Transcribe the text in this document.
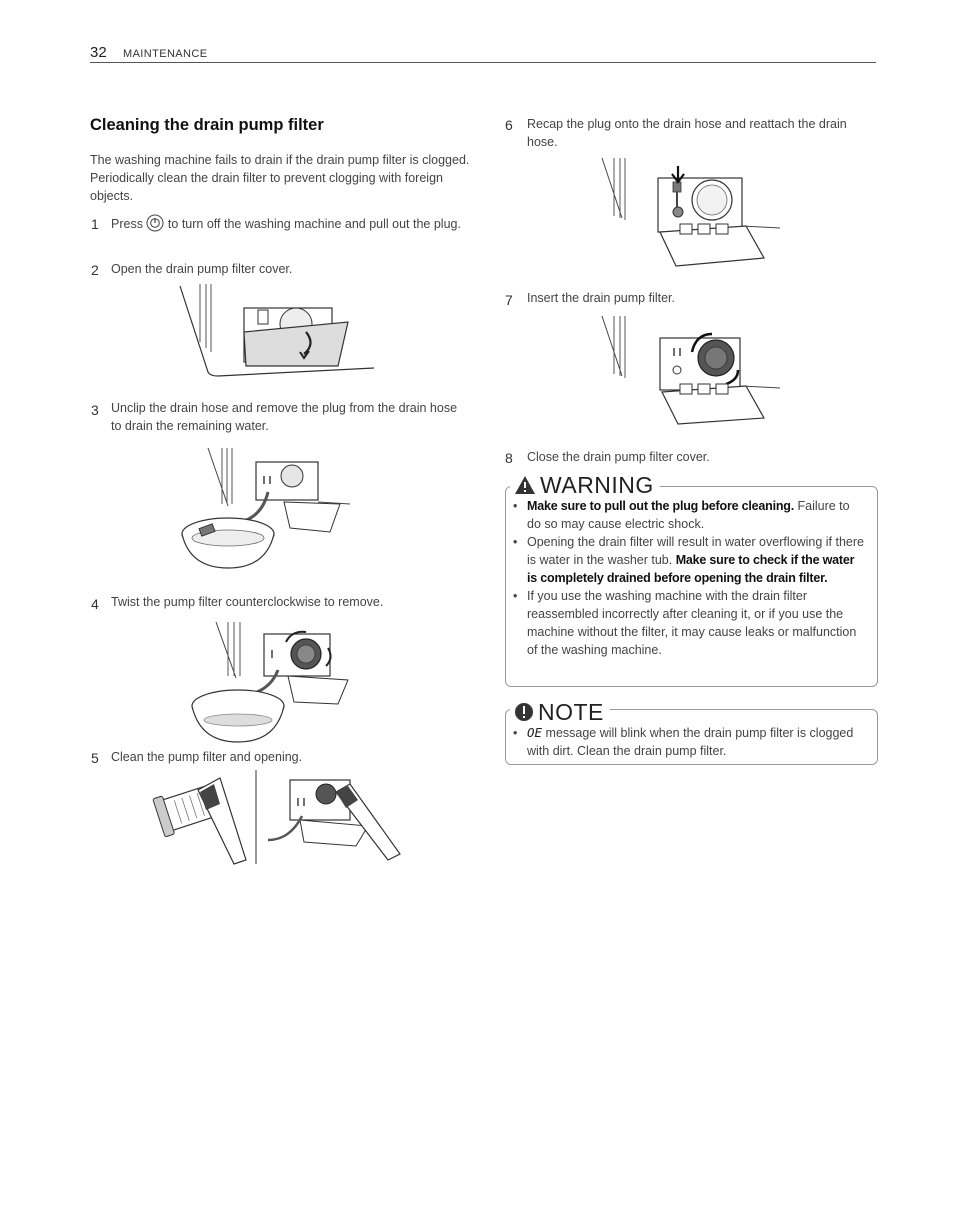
32 MAINTENANCE
Cleaning the drain pump filter
The washing machine fails to drain if the drain pump filter is clogged. Periodically clean the drain filter to prevent clogging with foreign objects.
1 Press to turn off the washing machine and pull out the plug.
2 Open the drain pump filter cover.
3 Unclip the drain hose and remove the plug from the drain hose to drain the remaining water.
4 Twist the pump filter counterclockwise to remove.
5 Clean the pump filter and opening.
6 Recap the plug onto the drain hose and reattach the drain hose.
7 Insert the drain pump filter.
8 Close the drain pump filter cover.
WARNING
• Make sure to pull out the plug before cleaning. Failure to do so may cause electric shock.
• Opening the drain filter will result in water overflowing if there is water in the washer tub. Make sure to check if the water is completely drained before opening the drain filter.
• If you use the washing machine with the drain filter reassembled incorrectly after cleaning it, or if you use the machine without the filter, it may cause leaks or malfunction of the washing machine.
NOTE
• OE message will blink when the drain pump filter is clogged with dirt. Clean the drain pump filter.
